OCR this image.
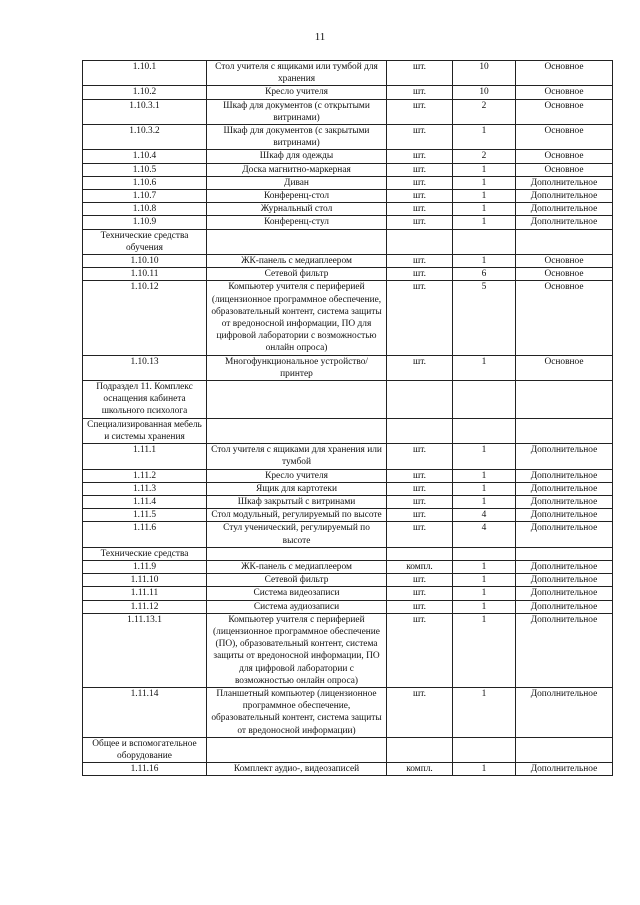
11
1.10.1	Стол учителя с ящиками или тумбой для хранения	шт.	10	Основное
1.10.2	Кресло учителя	шт.	10	Основное
1.10.3.1	Шкаф для документов (с открытыми витринами)	шт.	2	Основное
1.10.3.2	Шкаф для документов (с закрытыми витринами)	шт.	1	Основное
1.10.4	Шкаф для одежды	шт.	2	Основное
1.10.5	Доска магнитно-маркерная	шт.	1	Основное
1.10.6	Диван	шт.	1	Дополнительное
1.10.7	Конференц-стол	шт.	1	Дополнительное
1.10.8	Журнальный стол	шт.	1	Дополнительное
1.10.9	Конференц-стул	шт.	1	Дополнительное
Технические средства обучения				
1.10.10	ЖК-панель с медиаплеером	шт.	1	Основное
1.10.11	Сетевой фильтр	шт.	6	Основное
1.10.12	Компьютер учителя с периферией (лицензионное программное обеспечение, образовательный контент, система защиты от вредоносной информации, ПО для цифровой лаборатории с возможностью онлайн опроса)	шт.	5	Основное
1.10.13	Многофункциональное устройство/принтер	шт.	1	Основное
Подраздел 11. Комплекс оснащения кабинета школьного психолога				
Специализированная мебель и системы хранения				
1.11.1	Стол учителя с ящиками для хранения или тумбой	шт.	1	Дополнительное
1.11.2	Кресло учителя	шт.	1	Дополнительное
1.11.3	Ящик для картотеки	шт.	1	Дополнительное
1.11.4	Шкаф закрытый с витринами	шт.	1	Дополнительное
1.11.5	Стол модульный, регулируемый по высоте	шт.	4	Дополнительное
1.11.6	Стул ученический, регулируемый по высоте	шт.	4	Дополнительное
Технические средства				
1.11.9	ЖК-панель с медиаплеером	компл.	1	Дополнительное
1.11.10	Сетевой фильтр	шт.	1	Дополнительное
1.11.11	Система видеозаписи	шт.	1	Дополнительное
1.11.12	Система аудиозаписи	шт.	1	Дополнительное
1.11.13.1	Компьютер учителя с периферией (лицензионное программное обеспечение (ПО), образовательный контент, система защиты от вредоносной информации, ПО для цифровой лаборатории с возможностью онлайн опроса)	шт.	1	Дополнительное
1.11.14	Планшетный компьютер (лицензионное программное обеспечение, образовательный контент, система защиты от вредоносной информации)	шт.	1	Дополнительное
Общее и вспомогательное оборудование				
1.11.16	Комплект аудио-, видеозаписей	компл.	1	Дополнительное
